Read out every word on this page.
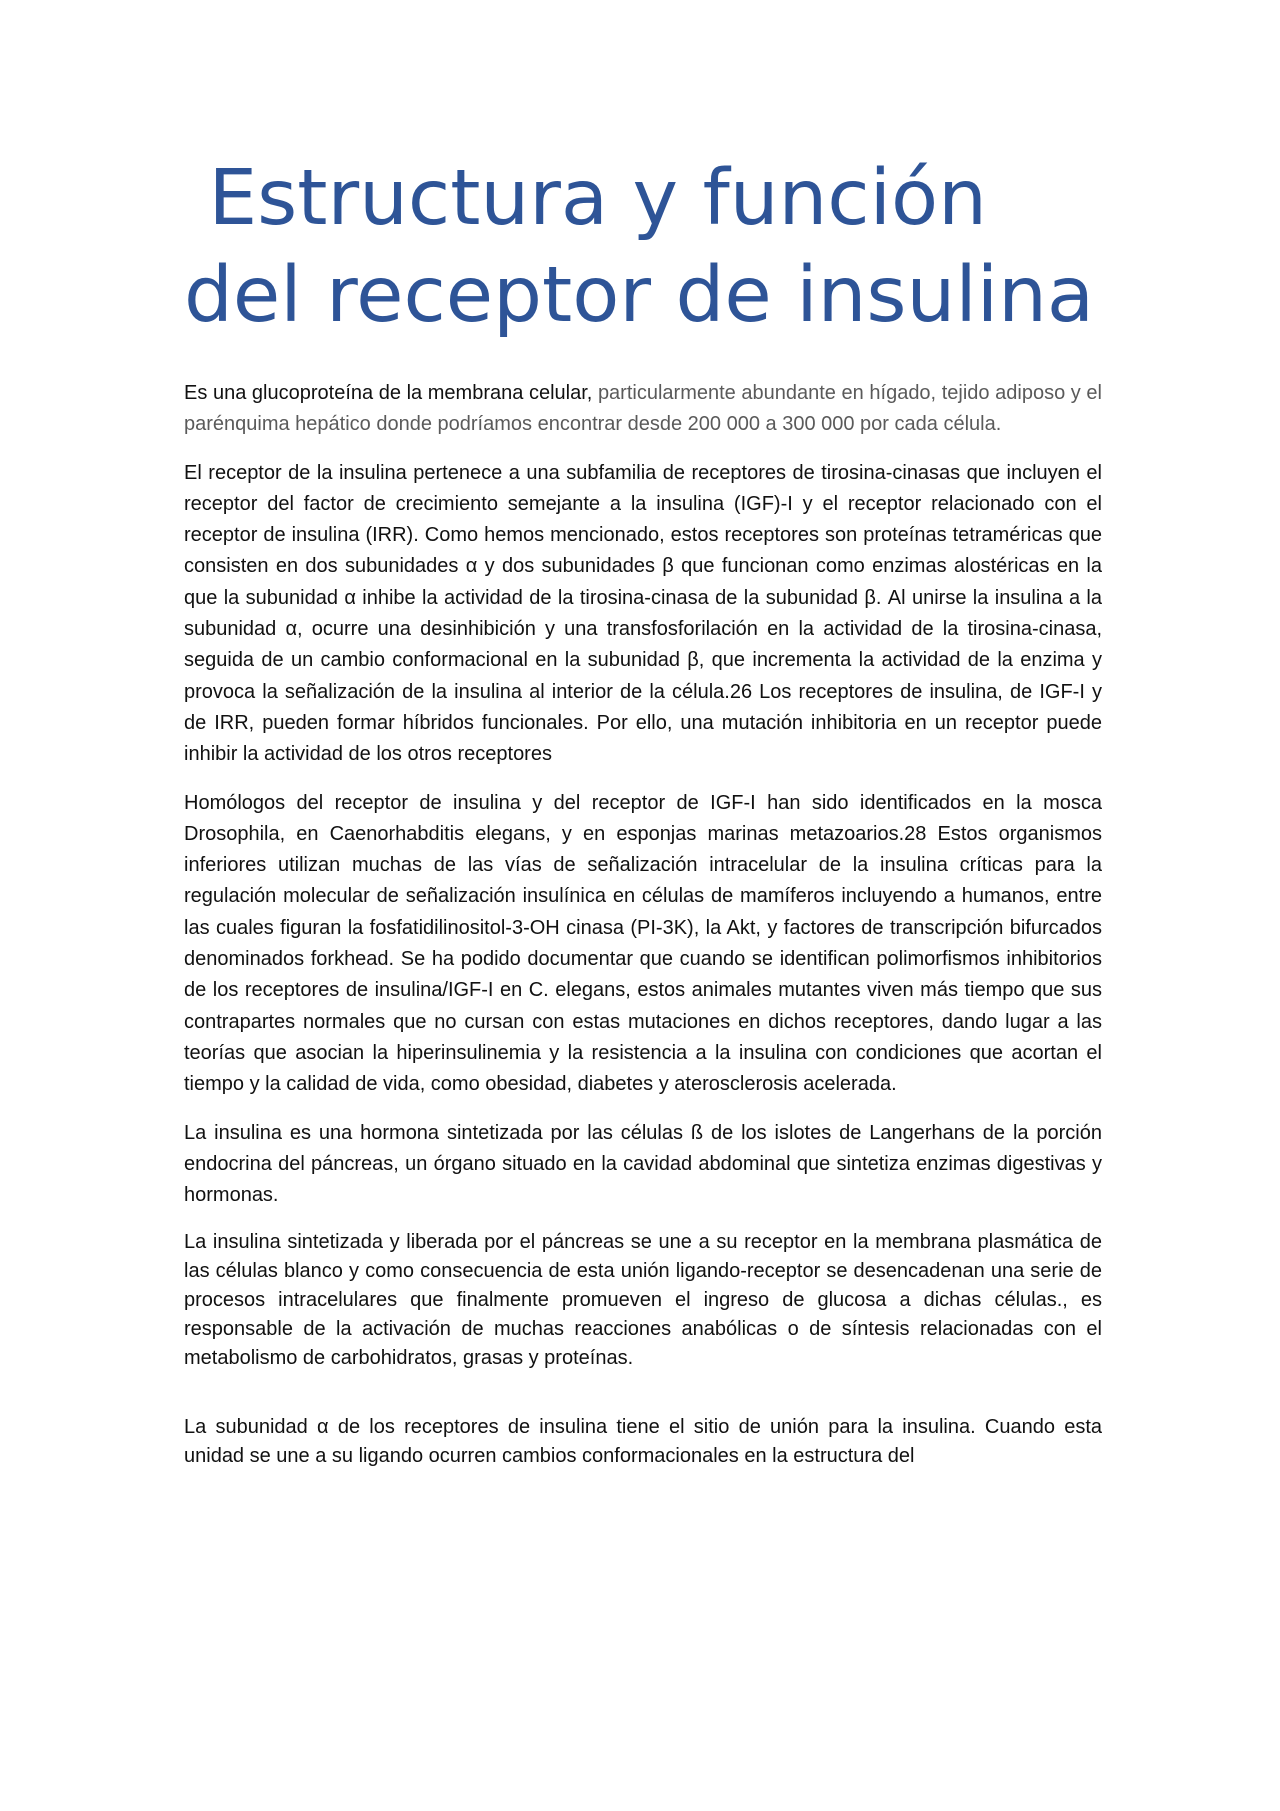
Estructura y función del receptor de insulina

Es una glucoproteína de la membrana celular, particularmente abundante en hígado, tejido adiposo y el parénquima hepático donde podríamos encontrar desde 200 000 a 300 000 por cada célula.

El receptor de la insulina pertenece a una subfamilia de receptores de tirosina-cinasas que incluyen el receptor del factor de crecimiento semejante a la insulina (IGF)-I y el receptor relacionado con el receptor de insulina (IRR). Como hemos mencionado, estos receptores son proteínas tetraméricas que consisten en dos subunidades α y dos subunidades β que funcionan como enzimas alostéricas en la que la subunidad α inhibe la actividad de la tirosina-cinasa de la subunidad β. Al unirse la insulina a la subunidad α, ocurre una desinhibición y una transfosforilación en la actividad de la tirosina-cinasa, seguida de un cambio conformacional en la subunidad β, que incrementa la actividad de la enzima y provoca la señalización de la insulina al interior de la célula.26 Los receptores de insulina, de IGF-I y de IRR, pueden formar híbridos funcionales. Por ello, una mutación inhibitoria en un receptor puede inhibir la actividad de los otros receptores

Homólogos del receptor de insulina y del receptor de IGF-I han sido identificados en la mosca Drosophila, en Caenorhabditis elegans, y en esponjas marinas metazoarios.28 Estos organismos inferiores utilizan muchas de las vías de señalización intracelular de la insulina críticas para la regulación molecular de señalización insulínica en células de mamíferos incluyendo a humanos, entre las cuales figuran la fosfatidilinositol-3-OH cinasa (PI-3K), la Akt, y factores de transcripción bifurcados denominados forkhead. Se ha podido documentar que cuando se identifican polimorfismos inhibitorios de los receptores de insulina/IGF-I en C. elegans, estos animales mutantes viven más tiempo que sus contrapartes normales que no cursan con estas mutaciones en dichos receptores, dando lugar a las teorías que asocian la hiperinsulinemia y la resistencia a la insulina con condiciones que acortan el tiempo y la calidad de vida, como obesidad, diabetes y aterosclerosis acelerada.

La insulina es una hormona sintetizada por las células ß de los islotes de Langerhans de la porción endocrina del páncreas, un órgano situado en la cavidad abdominal que sintetiza enzimas digestivas y hormonas.

La insulina sintetizada y liberada por el páncreas se une a su receptor en la membrana plasmática de las células blanco y como consecuencia de esta unión ligando-receptor se desencadenan una serie de procesos intracelulares que finalmente promueven el ingreso de glucosa a dichas células., es responsable de la activación de muchas reacciones anabólicas o de síntesis relacionadas con el metabolismo de carbohidratos, grasas y proteínas.

La subunidad α de los receptores de insulina tiene el sitio de unión para la insulina. Cuando esta unidad se une a su ligando ocurren cambios conformacionales en la estructura del
